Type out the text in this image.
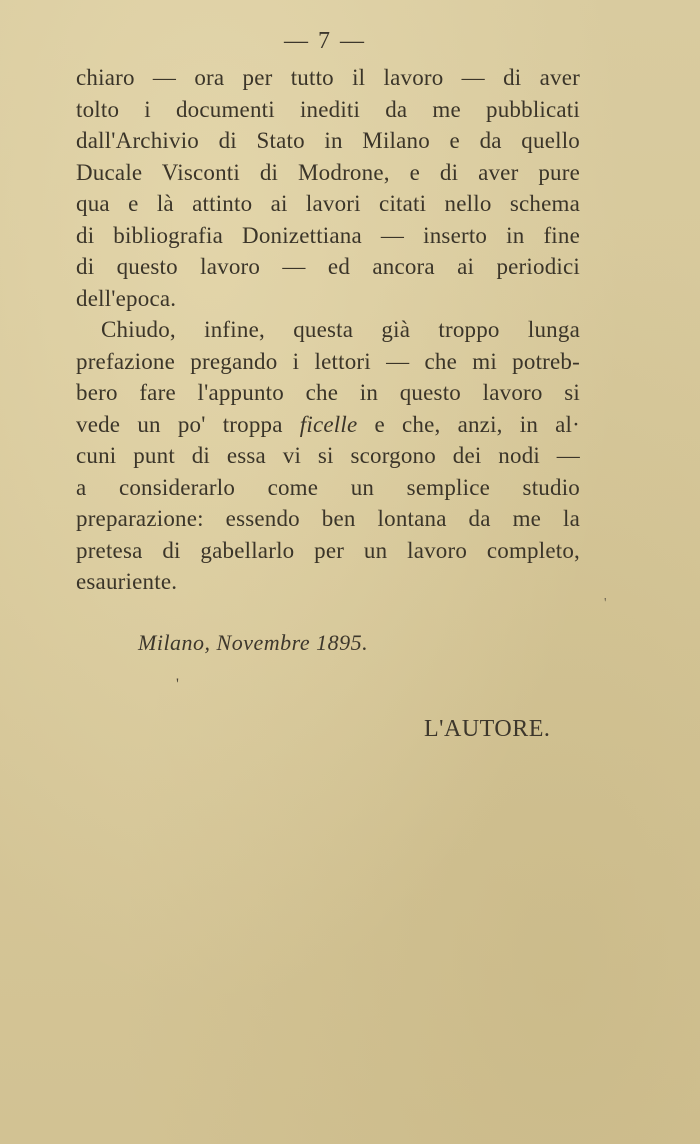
— 7 —
chiaro — ora per tutto il lavoro — di aver
tolto i documenti inediti da me pubblicati
dall'Archivio di Stato in Milano e da quello
Ducale Visconti di Modrone, e di aver pure
qua e là attinto ai lavori citati nello schema
di bibliografia Donizettiana — inserto in fine
di questo lavoro — ed ancora ai periodici
dell'epoca.
Chiudo, infine, questa già troppo lunga
prefazione pregando i lettori — che mi potreb-
bero fare l'appunto che in questo lavoro si
vede un po' troppa ficelle e che, anzi, in al·
cuni punt di essa vi si scorgono dei nodi —
a considerarlo come un semplice studio
preparazione: essendo ben lontana da me la
pretesa di gabellarlo per un lavoro completo,
esauriente.
'
Milano, Novembre 1895.
'
L'AUTORE.
